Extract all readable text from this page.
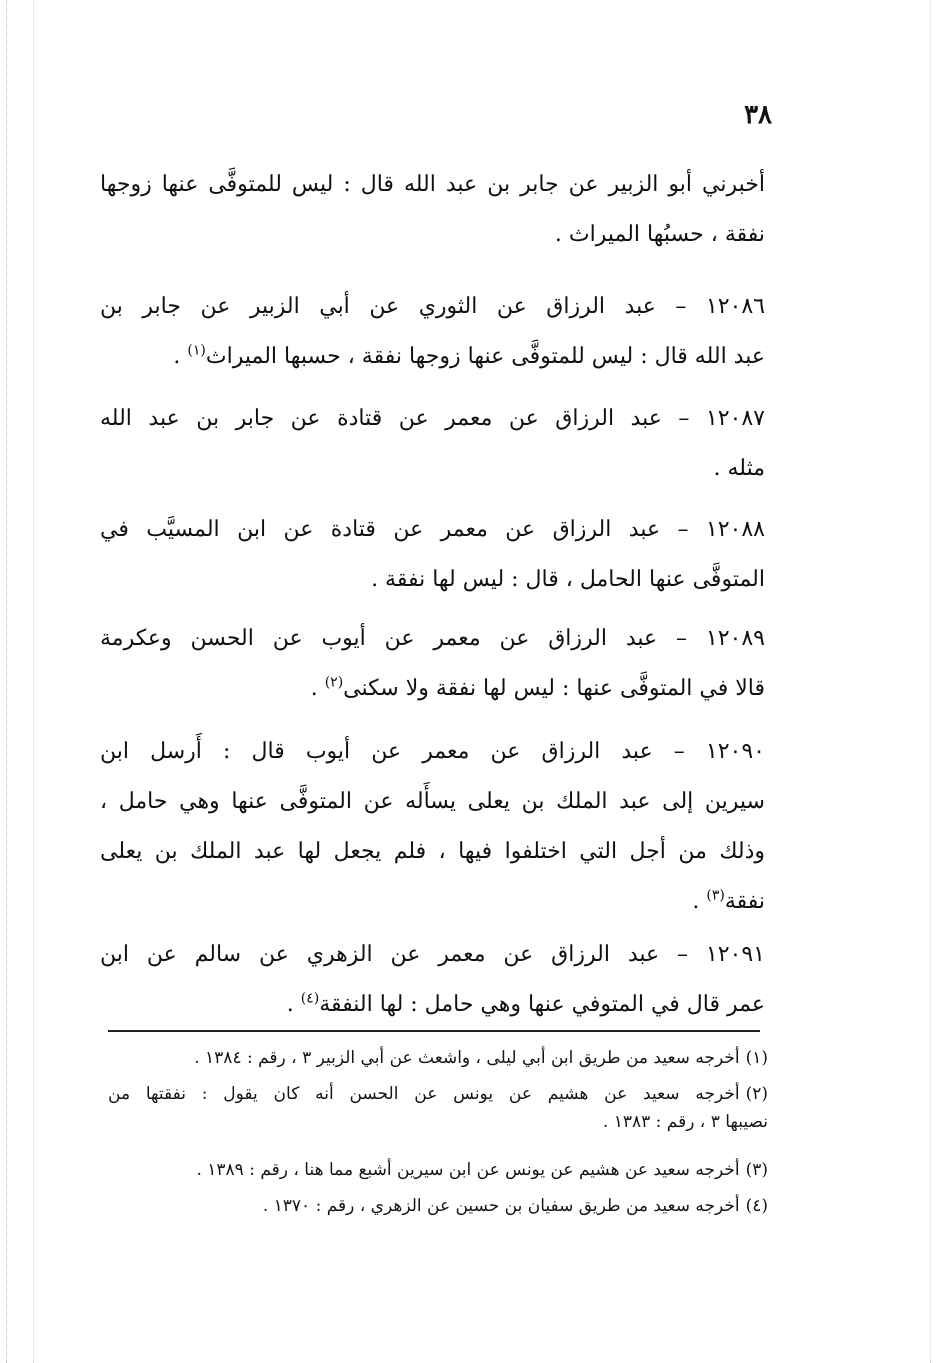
٣٨
أخبرني أبو الزبير عن جابر بن عبد الله قال : ليس للمتوفَّى عنها زوجها
نفقة ، حسبُها الميراث .
١٢٠٨٦ – عبد الرزاق عن الثوري عن أبي الزبير عن جابر بن
عبد الله قال : ليس للمتوفَّى عنها زوجها نفقة ، حسبها الميراث$^{(١)}$ .
١٢٠٨٧ – عبد الرزاق عن معمر عن قتادة عن جابر بن عبد الله
مثله .
١٢٠٨٨ – عبد الرزاق عن معمر عن قتادة عن ابن المسيَّب في
المتوفَّى عنها الحامل ، قال : ليس لها نفقة .
١٢٠٨٩ – عبد الرزاق عن معمر عن أيوب عن الحسن وعكرمة
قالا في المتوفَّى عنها : ليس لها نفقة ولا سكنى$^{(٢)}$ .
١٢٠٩٠ – عبد الرزاق عن معمر عن أيوب قال : أَرسل ابن
سيرين إلى عبد الملك بن يعلى يسأَله عن المتوفَّى عنها وهي حامل ،
وذلك من أجل التي اختلفوا فيها ، فلم يجعل لها عبد الملك بن يعلى
نفقة$^{(٣)}$ .
١٢٠٩١ – عبد الرزاق عن معمر عن الزهري عن سالم عن ابن
عمر قال في المتوفي عنها وهي حامل : لها النفقة$^{(٤)}$ .
(١)أخرجه سعيد من طريق ابن أبي ليلى ، واشعث عن أبي الزبير ٣ ، رقم : ١٣٨٤ .
(٢)أخرجه سعيد عن هشيم عن يونس عن الحسن أنه كان يقول : نفقتها من
نصيبها ٣ ، رقم : ١٣٨٣ .
(٣)أخرجه سعيد عن هشيم عن يونس عن ابن سيرين أشبع مما هنا ، رقم : ١٣٨٩ .
(٤)أخرجه سعيد من طريق سفيان بن حسين عن الزهري ، رقم : ١٣٧٠ .
